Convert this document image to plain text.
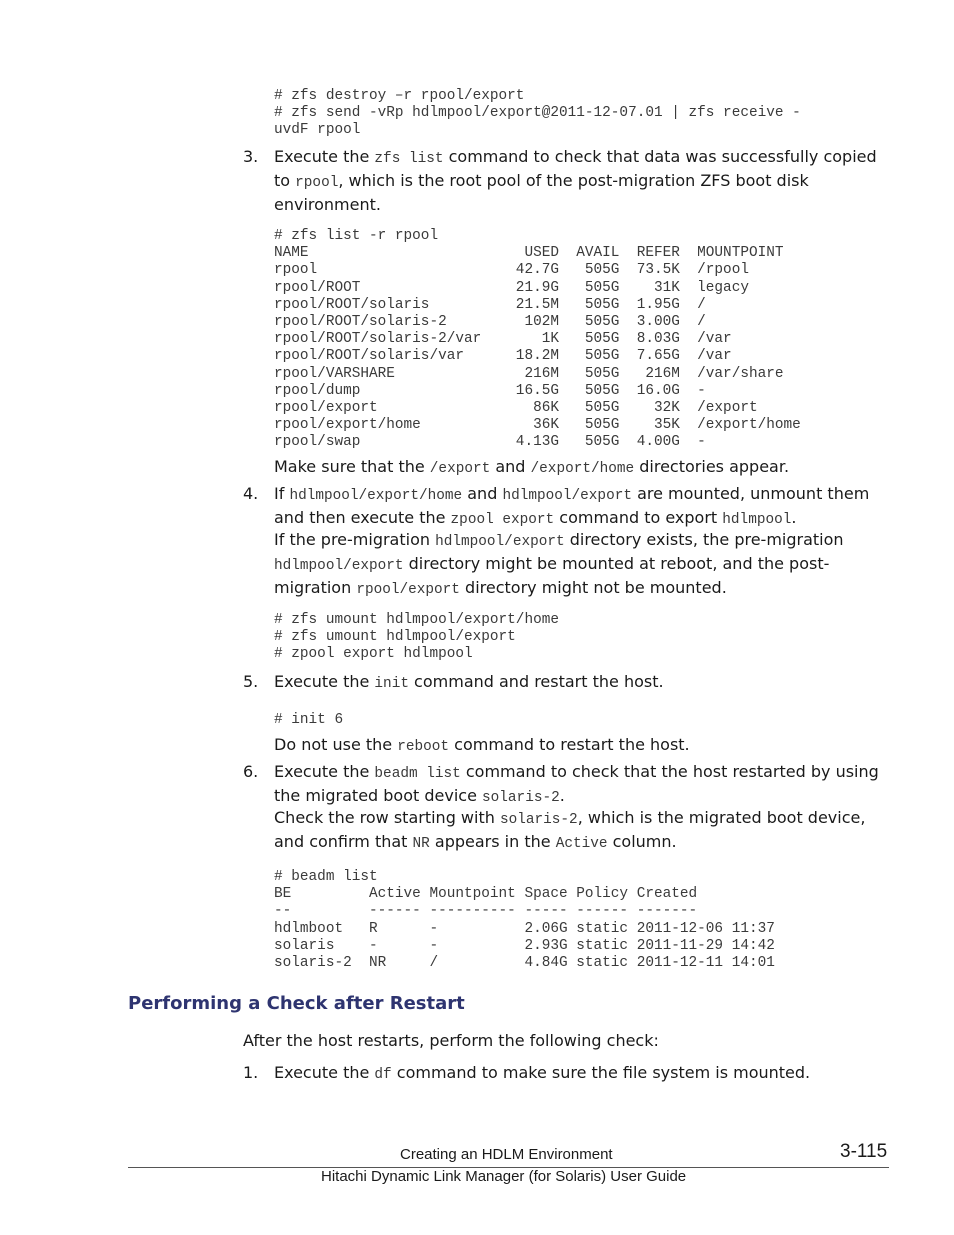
# zfs destroy –r rpool/export
# zfs send -vRp hdlmpool/export@2011-12-07.01 | zfs receive -
uvdF rpool
3. Execute the zfs list command to check that data was successfully copied to rpool, which is the root pool of the post-migration ZFS boot disk environment.

# zfs list -r rpool
NAME                         USED  AVAIL  REFER  MOUNTPOINT
rpool                       42.7G   505G  73.5K  /rpool
rpool/ROOT                  21.9G   505G    31K  legacy
rpool/ROOT/solaris          21.5M   505G  1.95G  /
rpool/ROOT/solaris-2         102M   505G  3.00G  /
rpool/ROOT/solaris-2/var       1K   505G  8.03G  /var
rpool/ROOT/solaris/var      18.2M   505G  7.65G  /var
rpool/VARSHARE               216M   505G   216M  /var/share
rpool/dump                  16.5G   505G  16.0G  -
rpool/export                  86K   505G    32K  /export
rpool/export/home             36K   505G    35K  /export/home
rpool/swap                  4.13G   505G  4.00G  -

Make sure that the /export and /export/home directories appear.

4. If hdlmpool/export/home and hdlmpool/export are mounted, unmount them and then execute the zpool export command to export hdlmpool.

If the pre-migration hdlmpool/export directory exists, the pre-migration hdlmpool/export directory might be mounted at reboot, and the post-migration rpool/export directory might not be mounted.

# zfs umount hdlmpool/export/home
# zfs umount hdlmpool/export
# zpool export hdlmpool
5. Execute the init command and restart the host.

# init 6

Do not use the reboot command to restart the host.

6. Execute the beadm list command to check that the host restarted by using the migrated boot device solaris-2.

Check the row starting with solaris-2, which is the migrated boot device, and confirm that NR appears in the Active column.

# beadm list
BE         Active Mountpoint Space Policy Created
--         ------ ---------- ----- ------ -------
hdlmboot   R      -          2.06G static 2011-12-06 11:37
solaris    -      -          2.93G static 2011-11-29 14:42
solaris-2  NR     /          4.84G static 2011-12-11 14:01
Performing a Check after Restart

After the host restarts, perform the following check:

1. Execute the df command to make sure the file system is mounted.

Creating an HDLM Environment	3-115
Hitachi Dynamic Link Manager (for Solaris) User Guide
